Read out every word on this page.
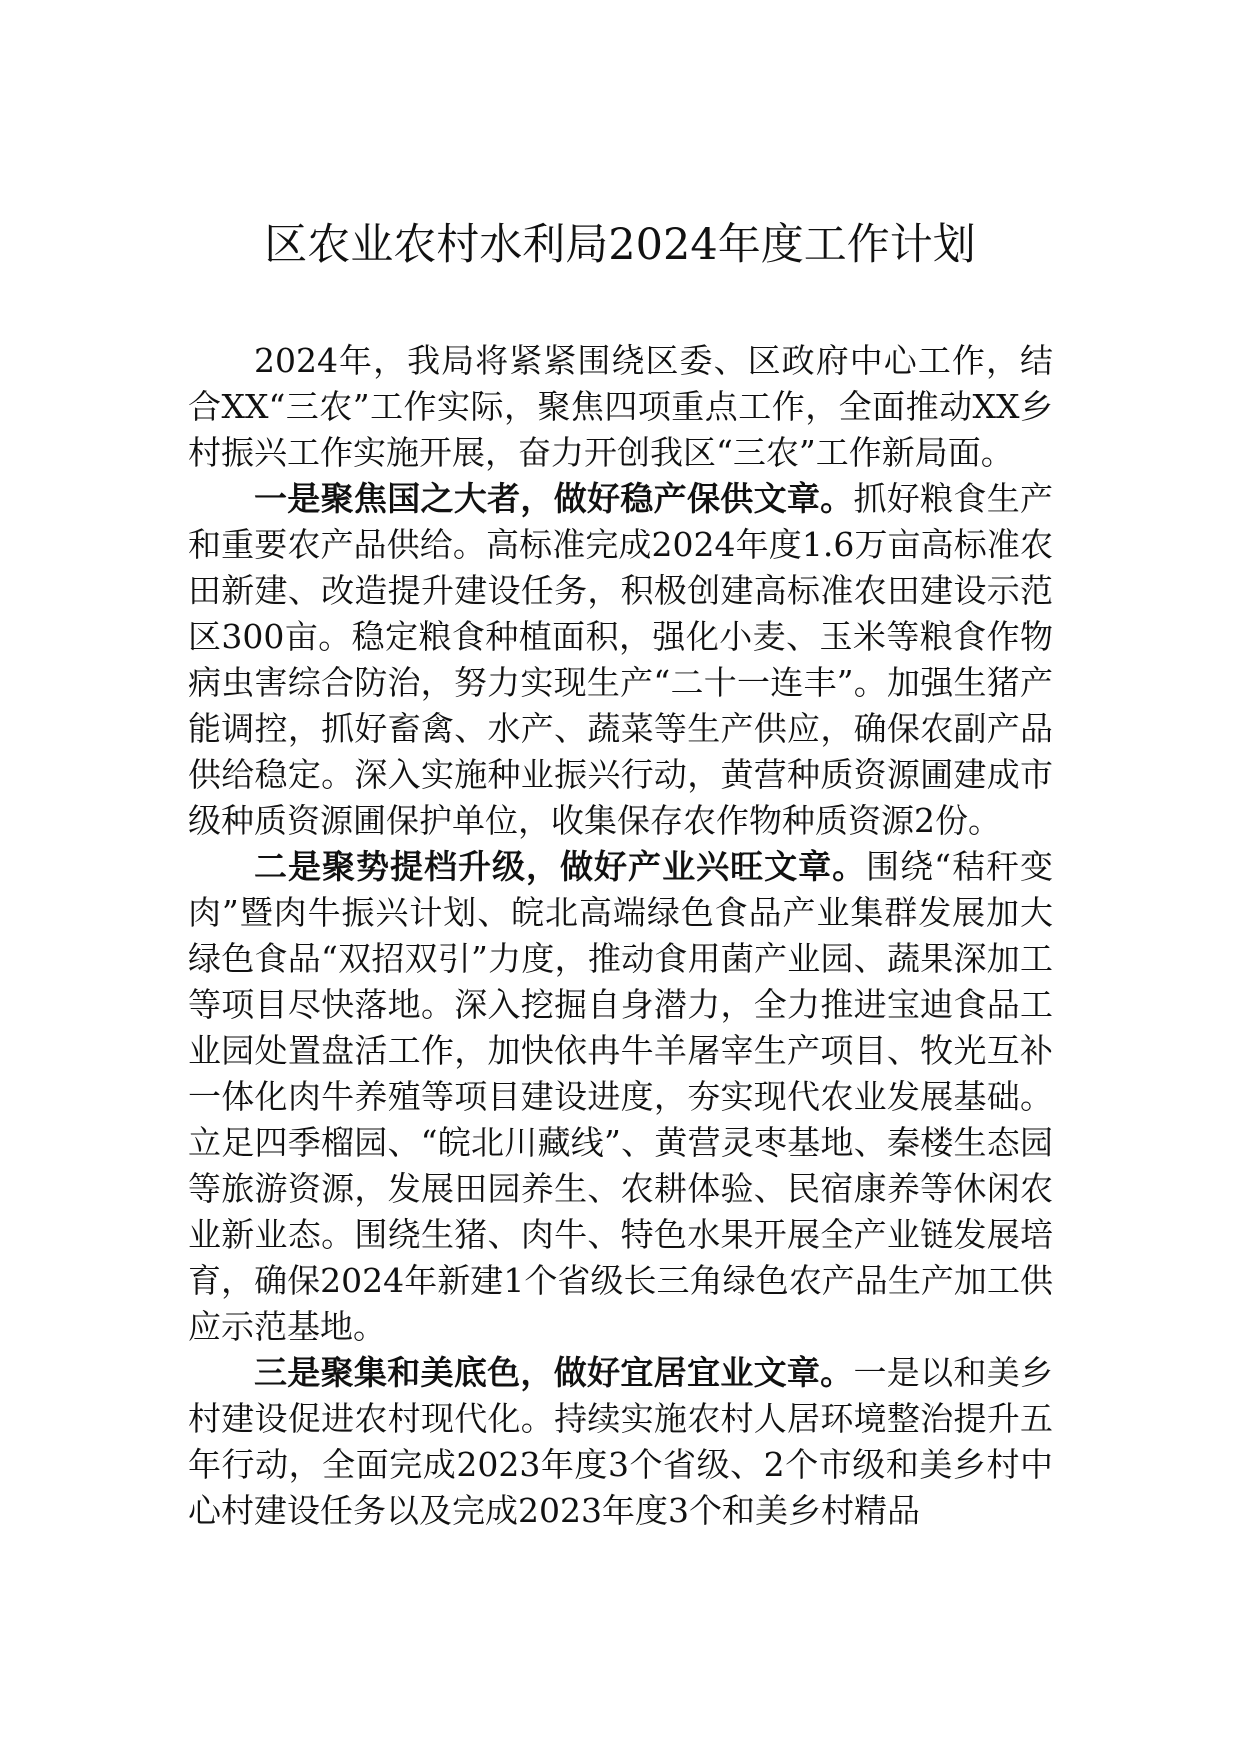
区农业农村水利局2024年度工作计划

2024年，我局将紧紧围绕区委、区政府中心工作，结合XX“三农”工作实际，聚焦四项重点工作，全面推动XX乡村振兴工作实施开展，奋力开创我区“三农”工作新局面。

一是聚焦国之大者，做好稳产保供文章。抓好粮食生产和重要农产品供给。高标准完成2024年度1.6万亩高标准农田新建、改造提升建设任务，积极创建高标准农田建设示范区300亩。稳定粮食种植面积，强化小麦、玉米等粮食作物病虫害综合防治，努力实现生产“二十一连丰”。加强生猪产能调控，抓好畜禽、水产、蔬菜等生产供应，确保农副产品供给稳定。深入实施种业振兴行动，黄营种质资源圃建成市级种质资源圃保护单位，收集保存农作物种质资源2份。

二是聚势提档升级，做好产业兴旺文章。围绕“秸秆变肉”暨肉牛振兴计划、皖北高端绿色食品产业集群发展加大绿色食品“双招双引”力度，推动食用菌产业园、蔬果深加工等项目尽快落地。深入挖掘自身潜力，全力推进宝迪食品工业园处置盘活工作，加快依冉牛羊屠宰生产项目、牧光互补一体化肉牛养殖等项目建设进度，夯实现代农业发展基础。立足四季榴园、“皖北川藏线”、黄营灵枣基地、秦楼生态园等旅游资源，发展田园养生、农耕体验、民宿康养等休闲农业新业态。围绕生猪、肉牛、特色水果开展全产业链发展培育，确保2024年新建1个省级长三角绿色农产品生产加工供应示范基地。

三是聚集和美底色，做好宜居宜业文章。一是以和美乡村建设促进农村现代化。持续实施农村人居环境整治提升五年行动，全面完成2023年度3个省级、2个市级和美乡村中心村建设任务以及完成2023年度3个和美乡村精品
